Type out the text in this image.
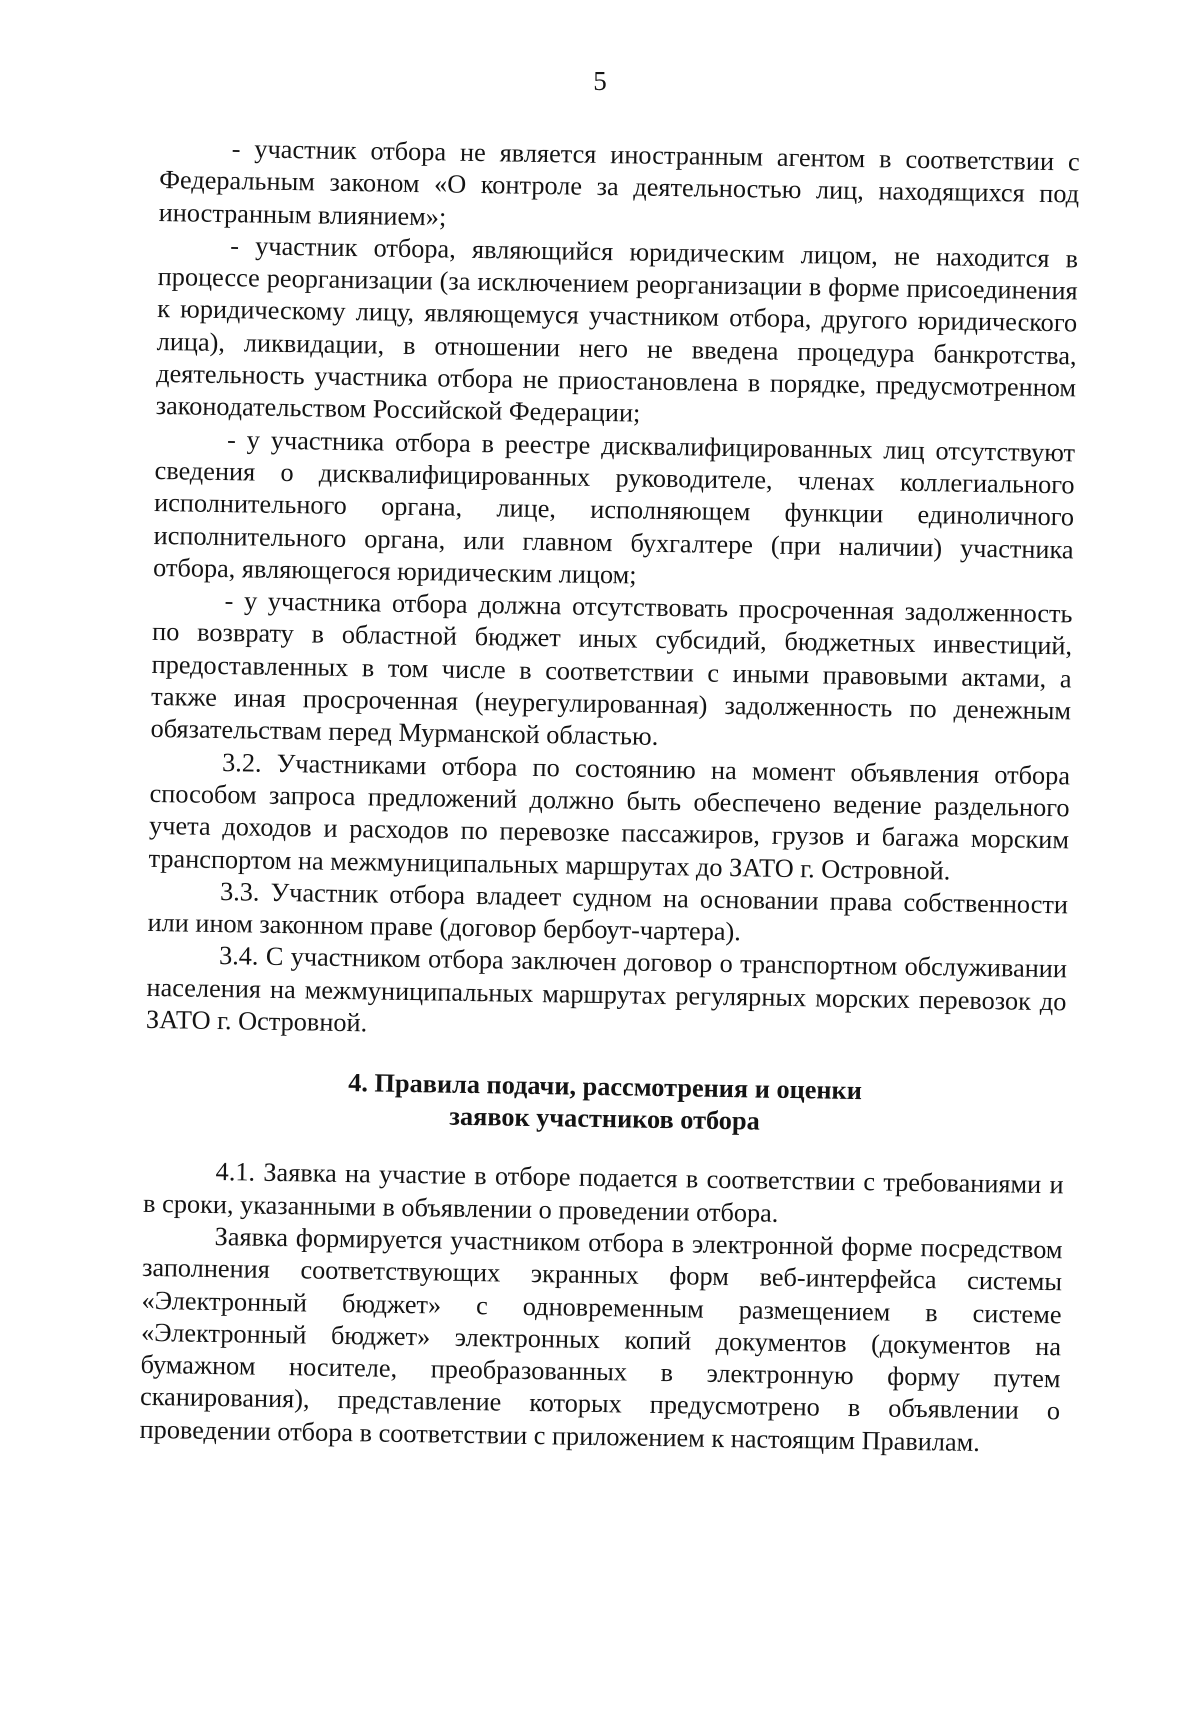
5

- участник отбора не является иностранным агентом в соответствии с Федеральным законом «О контроле за деятельностью лиц, находящихся под иностранным влиянием»;

- участник отбора, являющийся юридическим лицом, не находится в процессе реорганизации (за исключением реорганизации в форме присоединения к юридическому лицу, являющемуся участником отбора, другого юридического лица), ликвидации, в отношении него не введена процедура банкротства, деятельность участника отбора не приостановлена в порядке, предусмотренном законодательством Российской Федерации;

- у участника отбора в реестре дисквалифицированных лиц отсутствуют сведения о дисквалифицированных руководителе, членах коллегиального исполнительного органа, лице, исполняющем функции единоличного исполнительного органа, или главном бухгалтере (при наличии) участника отбора, являющегося юридическим лицом;

- у участника отбора должна отсутствовать просроченная задолженность по возврату в областной бюджет иных субсидий, бюджетных инвестиций, предоставленных в том числе в соответствии с иными правовыми актами, а также иная просроченная (неурегулированная) задолженность по денежным обязательствам перед Мурманской областью.

3.2. Участниками отбора по состоянию на момент объявления отбора способом запроса предложений должно быть обеспечено ведение раздельного учета доходов и расходов по перевозке пассажиров, грузов и багажа морским транспортом на межмуниципальных маршрутах до ЗАТО г. Островной.

3.3. Участник отбора владеет судном на основании права собственности или ином законном праве (договор бербоут-чартера).

3.4. С участником отбора заключен договор о транспортном обслуживании населения на межмуниципальных маршрутах регулярных морских перевозок до ЗАТО г. Островной.

4. Правила подачи, рассмотрения и оценки
заявок участников отбора

4.1. Заявка на участие в отборе подается в соответствии с требованиями и в сроки, указанными в объявлении о проведении отбора.

Заявка формируется участником отбора в электронной форме посредством заполнения соответствующих экранных форм веб-интерфейса системы «Электронный бюджет» с одновременным размещением в системе «Электронный бюджет» электронных копий документов (документов на бумажном носителе, преобразованных в электронную форму путем сканирования), представление которых предусмотрено в объявлении о проведении отбора в соответствии с приложением к настоящим Правилам.
